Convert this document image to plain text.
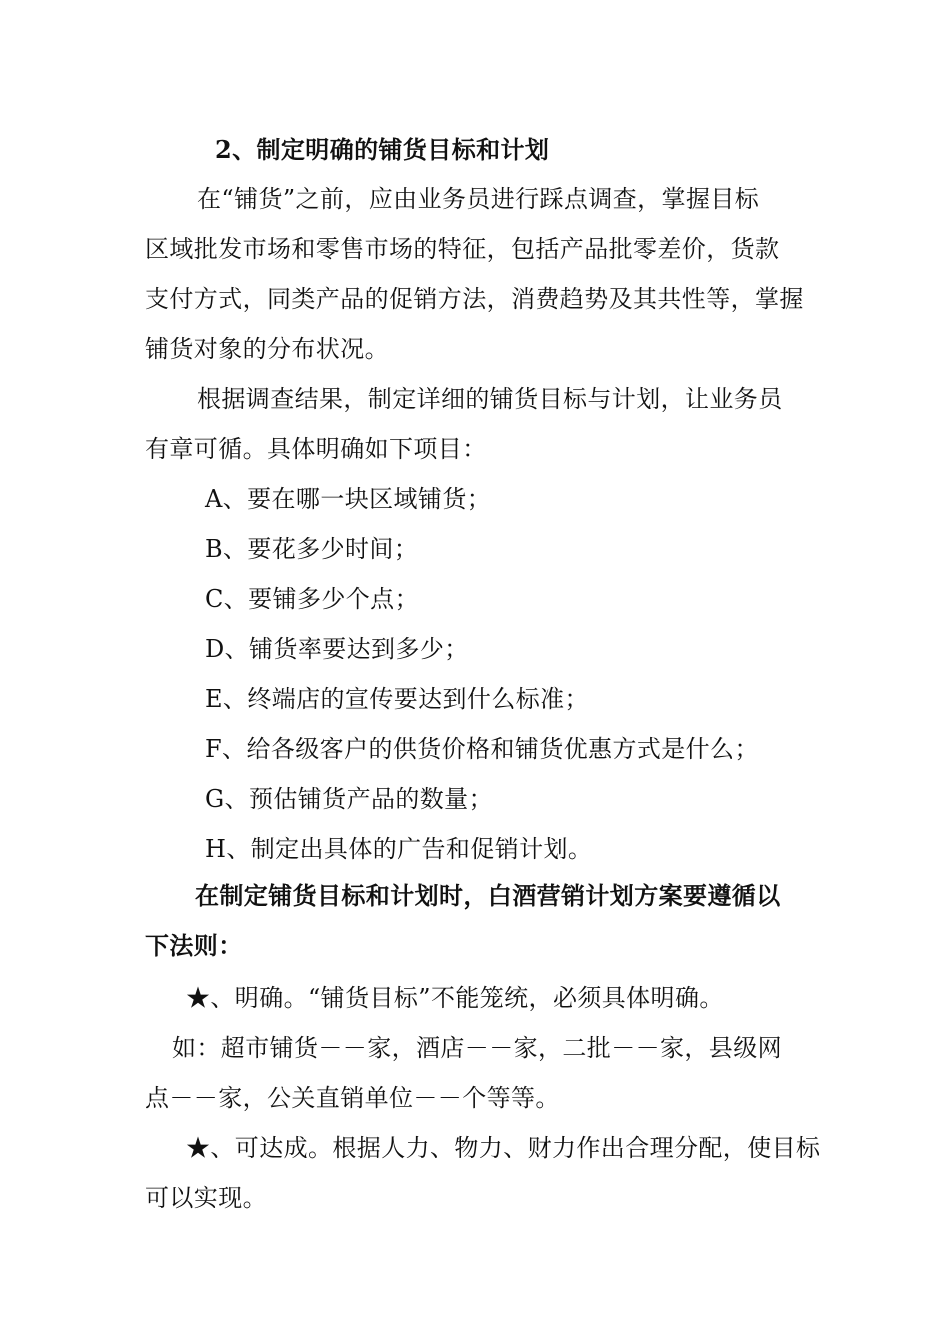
2、制定明确的铺货目标和计划
在“铺货”之前，应由业务员进行踩点调查，掌握目标
区域批发市场和零售市场的特征，包括产品批零差价，货款
支付方式，同类产品的促销方法，消费趋势及其共性等，掌握
铺货对象的分布状况。
根据调查结果，制定详细的铺货目标与计划，让业务员
有章可循。具体明确如下项目：
A、要在哪一块区域铺货；
B、要花多少时间；
C、要铺多少个点；
D、铺货率要达到多少；
E、终端店的宣传要达到什么标准；
F、给各级客户的供货价格和铺货优惠方式是什么；
G、预估铺货产品的数量；
H、制定出具体的广告和促销计划。
在制定铺货目标和计划时，白酒营销计划方案要遵循以
下法则：
★、明确。“铺货目标”不能笼统，必须具体明确。
如：超市铺货－－家，酒店－－家，二批－－家，县级网
点－－家，公关直销单位－－个等等。
★、可达成。根据人力、物力、财力作出合理分配，使目标
可以实现。
